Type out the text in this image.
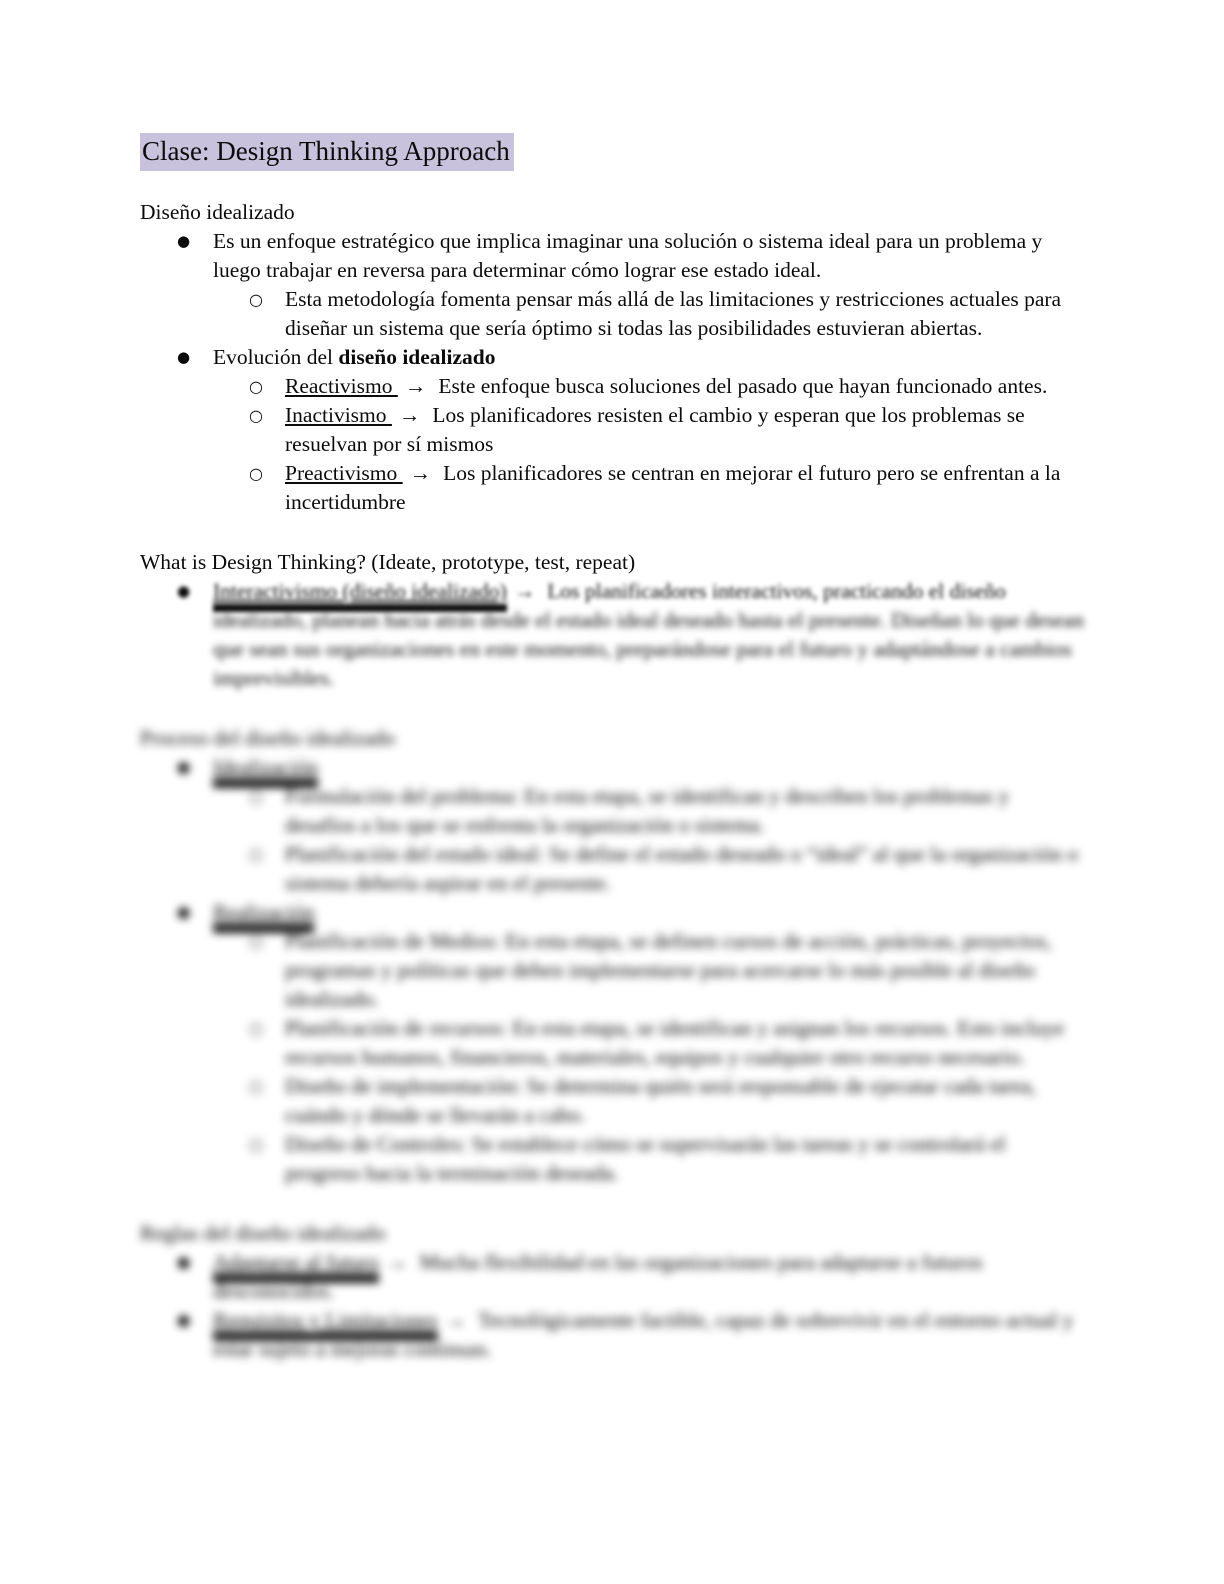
Clase: Design Thinking Approach
Diseño idealizado
● Es un enfoque estratégico que implica imaginar una solución o sistema ideal para un problema y luego trabajar en reversa para determinar cómo lograr ese estado ideal.
○ Esta metodología fomenta pensar más allá de las limitaciones y restricciones actuales para diseñar un sistema que sería óptimo si todas las posibilidades estuvieran abiertas.
● Evolución del diseño idealizado
○ Reactivismo → Este enfoque busca soluciones del pasado que hayan funcionado antes.
○ Inactivismo → Los planificadores resisten el cambio y esperan que los problemas se resuelvan por sí mismos
○ Preactivismo → Los planificadores se centran en mejorar el futuro pero se enfrentan a la incertidumbre
What is Design Thinking? (Ideate, prototype, test, repeat)
● Interactivismo (diseño idealizado) → Los planificadores interactivos, practicando el diseño idealizado, planean hacia atrás desde el estado ideal deseado hasta el presente. Diseñan lo que desean que sean sus organizaciones en este momento, preparándose para el futuro y adaptándose a cambios imprevisibles.
Proceso del diseño idealizado
● Idealización
○ Formulación del problema: En esta etapa, se identifican y describen los problemas y desafíos a los que se enfrenta la organización o sistema.
○ Planificación del estado ideal: Se define el estado deseado o “ideal” al que la organización o sistema debería aspirar en el presente.
● Realización
○ Planificación de Medios: En esta etapa, se definen cursos de acción, prácticas, proyectos, programas y políticas que deben implementarse para acercarse lo más posible al diseño idealizado.
○ Planificación de recursos: En esta etapa, se identifican y asignan los recursos. Esto incluye recursos humanos, financieros, materiales, equipos y cualquier otro recurso necesario.
○ Diseño de implementación: Se determina quién será responsable de ejecutar cada tarea, cuándo y dónde se llevarán a cabo.
○ Diseño de Controles: Se establece cómo se supervisarán las tareas y se controlará el progreso hacia la terminación deseada.
Reglas del diseño idealizado
● Adaptarse al futuro → Mucha flexibilidad en las organizaciones para adaptarse a futuros desconocidos.
● Requisitos y Limitaciones → Tecnológicamente factible, capaz de sobrevivir en el entorno actual y estar sujeto a mejoras continuas.
